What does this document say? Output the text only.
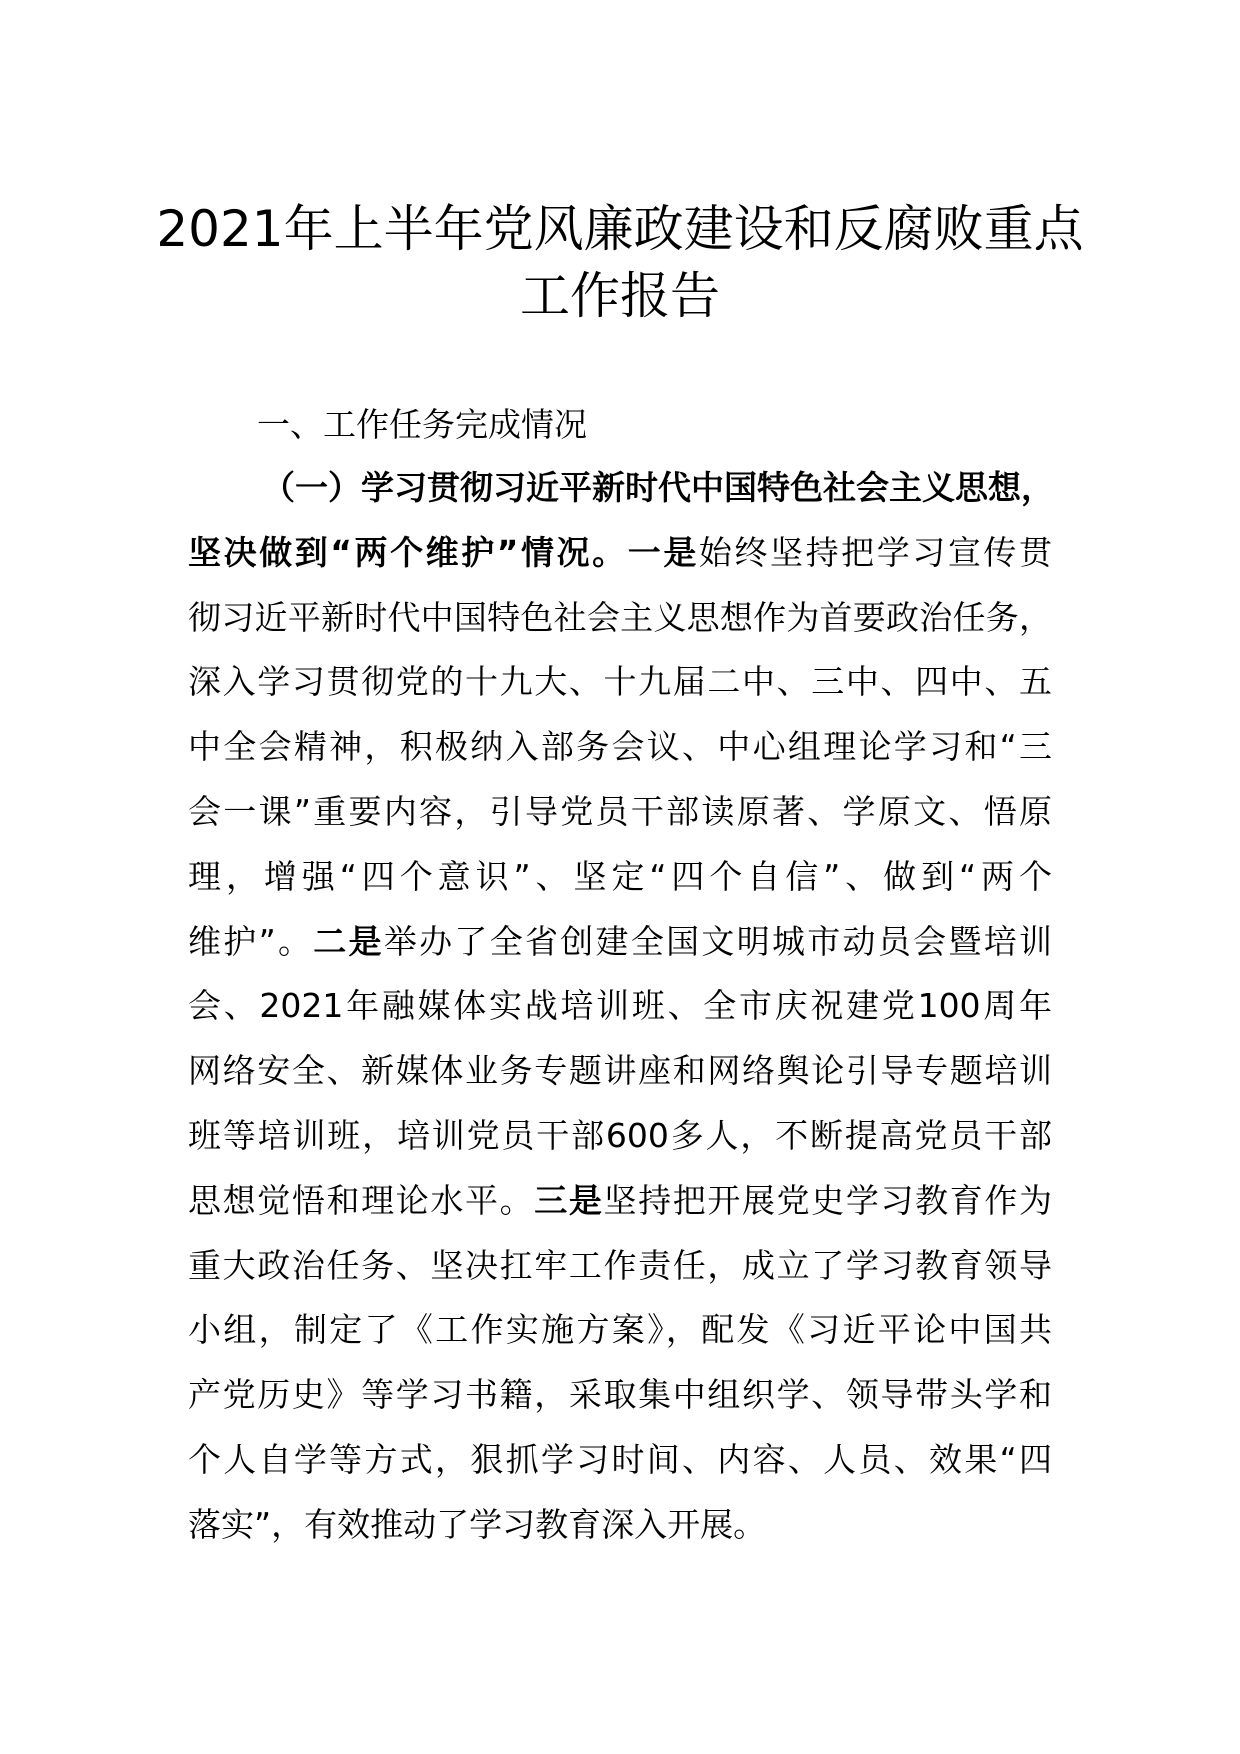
2021年上半年党风廉政建设和反腐败重点
工作报告
一、工作任务完成情况
（一）学习贯彻习近平新时代中国特色社会主义思想，
坚决做到“两个维护”情况。一是始终坚持把学习宣传贯
彻习近平新时代中国特色社会主义思想作为首要政治任务，
深入学习贯彻党的十九大、十九届二中、三中、四中、五
中全会精神，积极纳入部务会议、中心组理论学习和“三
会一课”重要内容，引导党员干部读原著、学原文、悟原
理，增强“四个意识”、坚定“四个自信”、做到“两个
维护”。二是举办了全省创建全国文明城市动员会暨培训
会、2021年融媒体实战培训班、全市庆祝建党100周年
网络安全、新媒体业务专题讲座和网络舆论引导专题培训
班等培训班，培训党员干部600多人，不断提高党员干部
思想觉悟和理论水平。三是坚持把开展党史学习教育作为
重大政治任务、坚决扛牢工作责任，成立了学习教育领导
小组，制定了《工作实施方案》，配发《习近平论中国共
产党历史》等学习书籍，采取集中组织学、领导带头学和
个人自学等方式，狠抓学习时间、内容、人员、效果“四
落实”，有效推动了学习教育深入开展。
